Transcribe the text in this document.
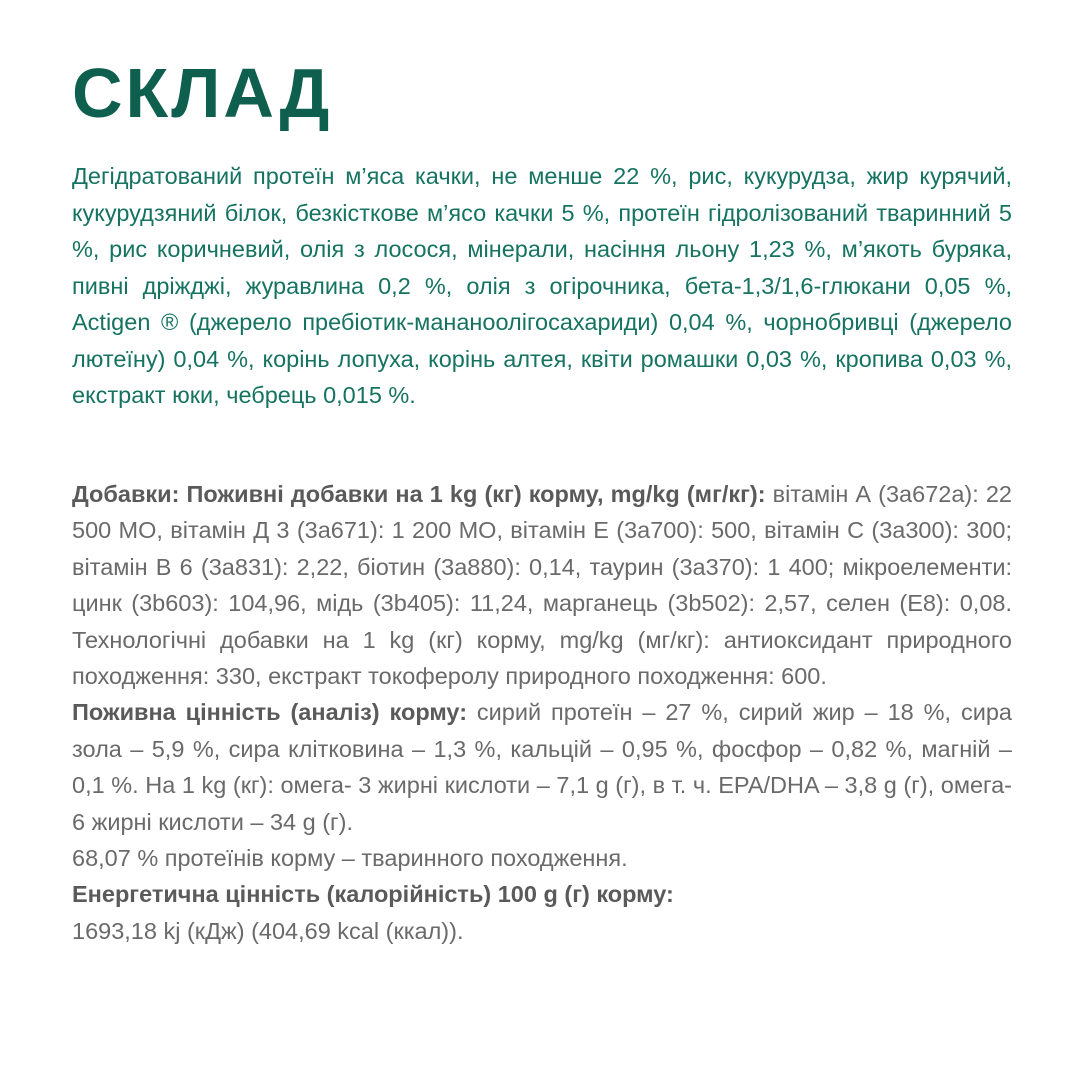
СКЛАД

Дегідратований протеїн м’яса качки, не менше 22 %, рис, кукурудза, жир курячий, кукурудзяний білок, безкісткове м’ясо качки 5 %, протеїн гідролізований тваринний 5 %, рис коричневий, олія з лосося, мінерали, насіння льону 1,23 %, м’якоть буряка, пивні дріжджі, журавлина 0,2 %, олія з огірочника, бета-1,3/1,6-глюкани 0,05 %, Actigen ® (джерело пребіотик-мананоолігосахариди) 0,04 %, чорнобривці (джерело лютеїну) 0,04 %, корінь лопуха, корінь алтея, квіти ромашки 0,03 %, кропива 0,03 %, екстракт юки, чебрець 0,015 %.

Добавки: Поживні добавки на 1 kg (кг) корму, mg/kg (мг/кг): вітамін А (3а672а): 22 500 МО, вітамін Д 3 (3а671): 1 200 МО, вітамін Е (3а700): 500, вітамін С (3а300): 300; вітамін В 6 (3а831): 2,22, біотин (3а880): 0,14, таурин (3а370): 1 400; мікроелементи: цинк (3b603): 104,96, мідь (3b405): 11,24, марганець (3b502): 2,57, селен (Е8): 0,08. Технологічні добавки на 1 kg (кг) корму, mg/kg (мг/кг): антиоксидант природного походження: 330, екстракт токоферолу природного походження: 600.

Поживна цінність (аналіз) корму: сирий протеїн – 27 %, сирий жир – 18 %, сира зола – 5,9 %, сира клітковина – 1,3 %, кальцій – 0,95 %, фосфор – 0,82 %, магній – 0,1 %. На 1 kg (кг): омега- 3 жирні кислоти – 7,1 g (г), в т. ч. EPA/DHA – 3,8 g (г), омега- 6 жирні кислоти – 34 g (г).

68,07 % протеїнів корму – тваринного походження.

Енергетична цінність (калорійність) 100 g (г) корму:

1693,18 kj (кДж) (404,69 kcal (ккал)).
